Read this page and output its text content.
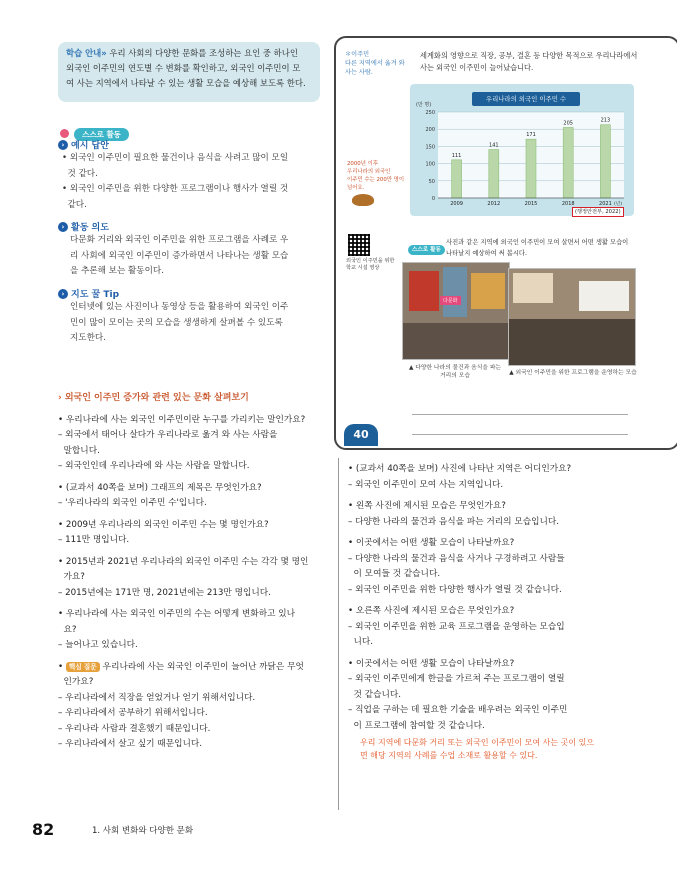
학습 안내» 우리 사회의 다양한 문화를 조성하는 요인 중 하나인
외국인 이주민의 연도별 수 변화를 확인하고, 외국인 이주민이 모
여 사는 지역에서 나타날 수 있는 생활 모습을 예상해 보도록 한다.
스스로 활동
› 예시 답안

• 외국인 이주민이 필요한 물건이나 음식을 사려고 많이 모일

것 같다.

• 외국인 이주민을 위한 다양한 프로그램이나 행사가 열릴 것

같다.

› 활동 의도

다문화 거리와 외국인 이주민을 위한 프로그램을 사례로 우

리 사회에 외국인 이주민이 증가하면서 나타나는 생활 모습

을 추론해 보는 활동이다.

› 지도 꿀 Tip

인터넷에 있는 사진이나 동영상 등을 활용하여 외국인 이주

민이 많이 모이는 곳의 모습을 생생하게 살펴볼 수 있도록

지도한다.

＊이주민
다른 지역에서 옮겨 와 사는 사람.
세계화의 영향으로 직장, 공부, 결혼 등 다양한 목적으로 우리나라에서
사는 외국인 이주민이 늘어났습니다.
2000년 이후
우리나라의 외국인
이주민 수는 200만 명이
넘어요.
우리나라의 외국인 이주민 수
0
50
100
150
200
250
(만 명)
111
2009
141
2012
171
2015
205
2018
213
2021 (년)
(행정안전부, 2022)
외국인 이주민을 위한
학교 시설 영상
스스로 활동
사진과 같은 지역에 외국인 이주민이 모여 살면서 어떤 생활 모습이
나타날지 예상하여 써 봅시다.
다문화
▲ 다양한 나라의 물건과 음식을 파는
거리의 모습	▲ 외국인 이주민을 위한 프로그램을 운영하는 모습
40

› 외국인 이주민 증가와 관련 있는 문화 살펴보기

• 우리나라에 사는 외국인 이주민이란 누구를 가리키는 말인가요?

– 외국에서 태어나 살다가 우리나라로 옮겨 와 사는 사람을

말합니다.

– 외국인인데 우리나라에 와 사는 사람을 말합니다.

• (교과서 40쪽을 보며) 그래프의 제목은 무엇인가요?

– '우리나라의 외국인 이주민 수'입니다.

• 2009년 우리나라의 외국인 이주민 수는 몇 명인가요?

– 111만 명입니다.

• 2015년과 2021년 우리나라의 외국인 이주민 수는 각각 몇 명인

가요?

– 2015년에는 171만 명, 2021년에는 213만 명입니다.

• 우리나라에 사는 외국인 이주민의 수는 어떻게 변화하고 있나

요?

– 늘어나고 있습니다.

• 핵심 질문 우리나라에 사는 외국인 이주민이 늘어난 까닭은 무엇

인가요?

– 우리나라에서 직장을 얻었거나 얻기 위해서입니다.

– 우리나라에서 공부하기 위해서입니다.

– 우리나라 사람과 결혼했기 때문입니다.

– 우리나라에서 살고 싶기 때문입니다.

• (교과서 40쪽을 보며) 사진에 나타난 지역은 어디인가요?

– 외국인 이주민이 모여 사는 지역입니다.

• 왼쪽 사진에 제시된 모습은 무엇인가요?

– 다양한 나라의 물건과 음식을 파는 거리의 모습입니다.

• 이곳에서는 어떤 생활 모습이 나타날까요?

– 다양한 나라의 물건과 음식을 사거나 구경하려고 사람들

이 모여들 것 같습니다.

– 외국인 이주민을 위한 다양한 행사가 열릴 것 같습니다.

• 오른쪽 사진에 제시된 모습은 무엇인가요?

– 외국인 이주민을 위한 교육 프로그램을 운영하는 모습입

니다.

• 이곳에서는 어떤 생활 모습이 나타날까요?

– 외국인 이주민에게 한글을 가르쳐 주는 프로그램이 열릴

것 같습니다.

– 직업을 구하는 데 필요한 기술을 배우려는 외국인 이주민

이 프로그램에 참여할 것 같습니다.

우리 지역에 다문화 거리 또는 외국인 이주민이 모여 사는 곳이 있으

면 해당 지역의 사례를 수업 소재로 활용할 수 있다.

82	1. 사회 변화와 다양한 문화
